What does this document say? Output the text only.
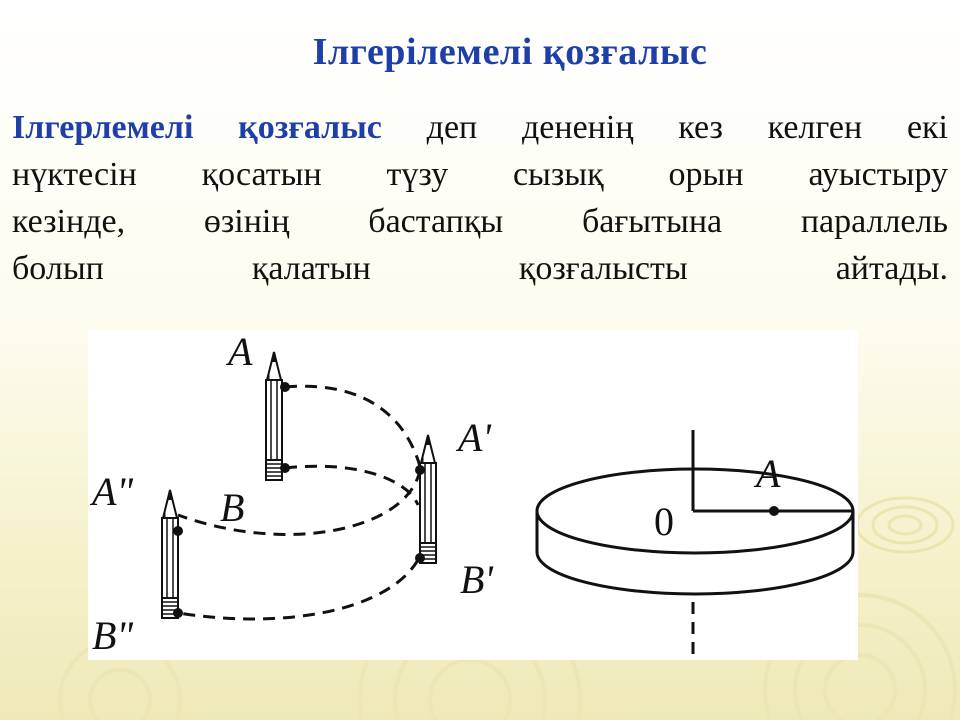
Ілгерілемелі қозғалыс
Ілгерлемелі қозғалыс деп дененің кез келген екі
нүктесін қосатын түзу сызық орын ауыстыру
кезінде, өзінің бастапқы бағытына параллель
болып қалатын қозғалысты айтады.
A
B
A'
B'
A"
B"
A
0
